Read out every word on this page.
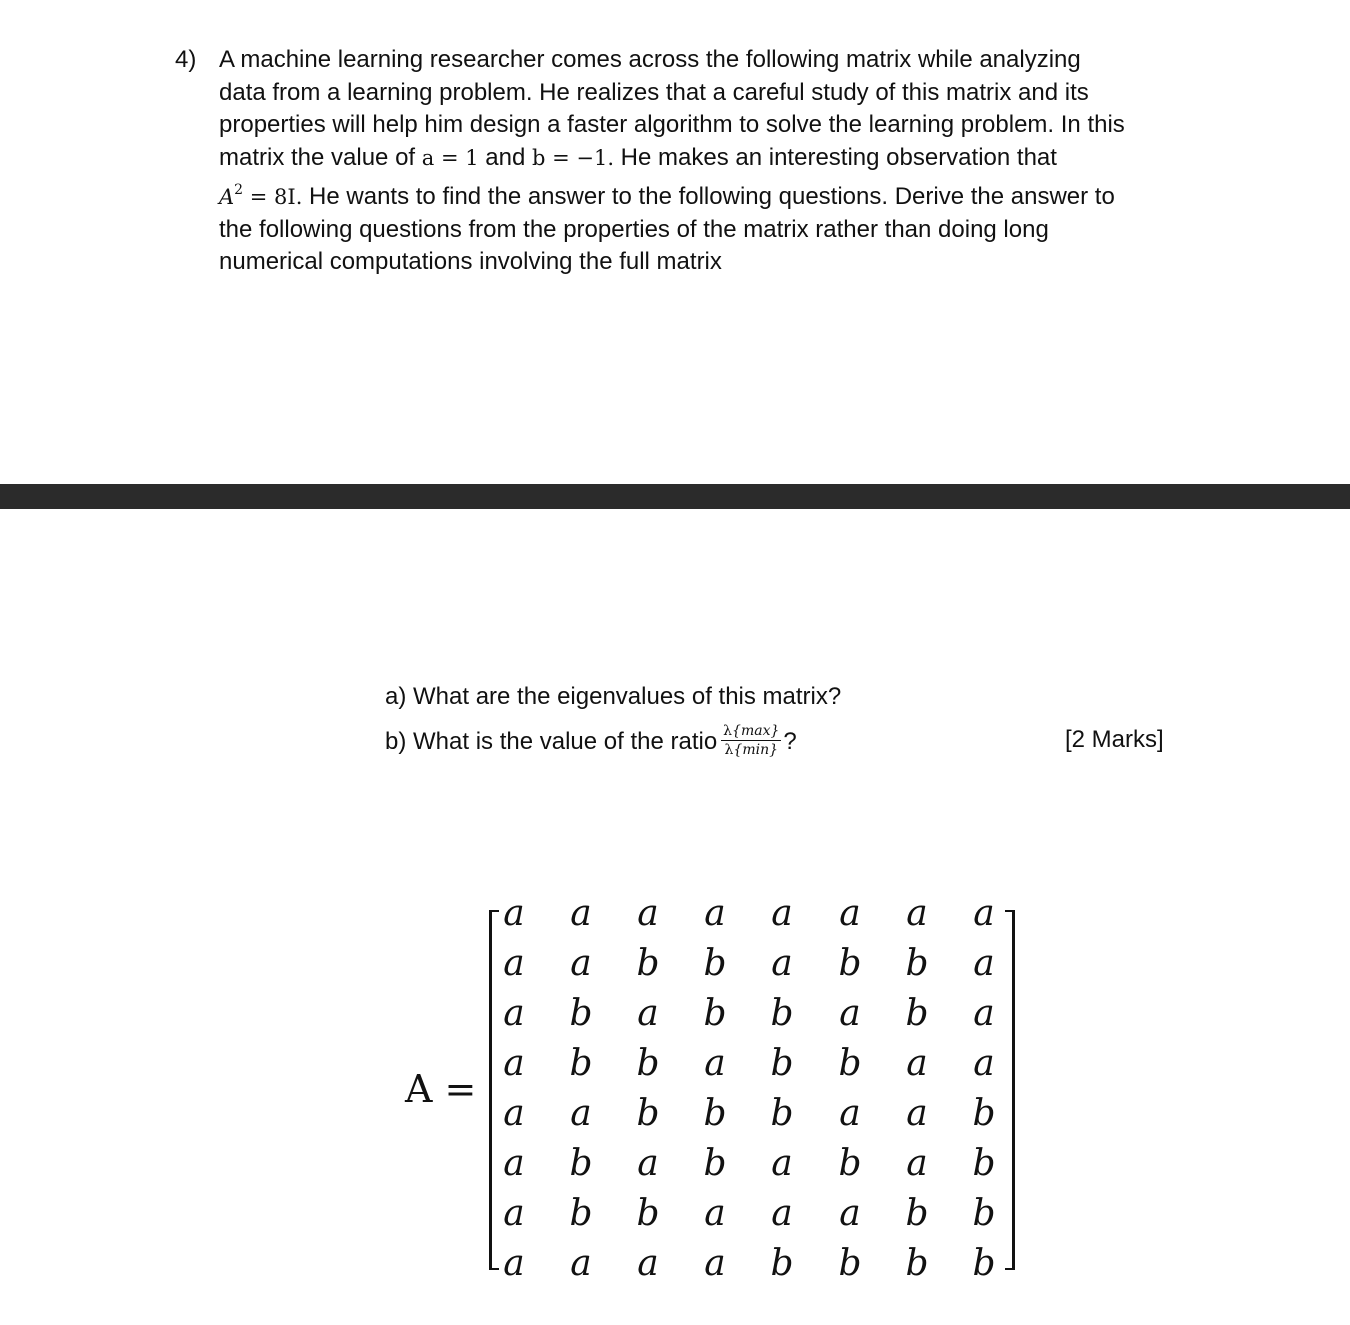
4) A machine learning researcher comes across the following matrix while analyzing
data from a learning problem. He realizes that a careful study of this matrix and its
properties will help him design a faster algorithm to solve the learning problem. In this
matrix the value of a = 1 and b = −1. He makes an interesting observation that
$A^2 = 8I$. He wants to find the answer to the following questions. Derive the answer to
the following questions from the properties of the matrix rather than doing long
numerical computations involving the full matrix
a) What are the eigenvalues of this matrix?
b) What is the value of the ratio $\frac{\lambda\{\max\}}{\lambda\{\min\}}$ ?	[2 Marks]
A =
a	a	a	a	a	a	a	a
a	a	b	b	a	b	b	a
a	b	a	b	b	a	b	a
a	b	b	a	b	b	a	a
a	a	b	b	b	a	a	b
a	b	a	b	a	b	a	b
a	b	b	a	a	a	b	b
a	a	a	a	b	b	b	b
